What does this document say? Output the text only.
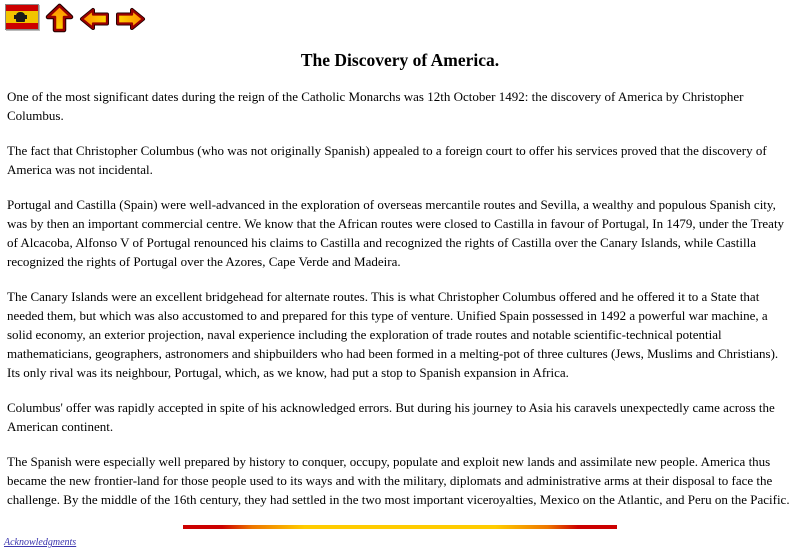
The Discovery of America.

One of the most significant dates during the reign of the Catholic Monarchs was 12th October 1492: the discovery of America by Christopher Columbus.

The fact that Christopher Columbus (who was not originally Spanish) appealed to a foreign court to offer his services proved that the discovery of America was not incidental.

Portugal and Castilla (Spain) were well-advanced in the exploration of overseas mercantile routes and Sevilla, a wealthy and populous Spanish city, was by then an important commercial centre. We know that the African routes were closed to Castilla in favour of Portugal, In 1479, under the Treaty of Alcacoba, Alfonso V of Portugal renounced his claims to Castilla and recognized the rights of Castilla over the Canary Islands, while Castilla recognized the rights of Portugal over the Azores, Cape Verde and Madeira.

The Canary Islands were an excellent bridgehead for alternate routes. This is what Christopher Columbus offered and he offered it to a State that needed them, but which was also accustomed to and prepared for this type of venture. Unified Spain possessed in 1492 a powerful war machine, a solid economy, an exterior projection, naval experience including the exploration of trade routes and notable scientific-technical potential mathematicians, geographers, astronomers and shipbuilders who had been formed in a melting-pot of three cultures (Jews, Muslims and Christians). Its only rival was its neighbour, Portugal, which, as we know, had put a stop to Spanish expansion in Africa.

Columbus' offer was rapidly accepted in spite of his acknowledged errors. But during his journey to Asia his caravels unexpectedly came across the American continent.

The Spanish were especially well prepared by history to conquer, occupy, populate and exploit new lands and assimilate new people. America thus became the new frontier-land for those people used to its ways and with the military, diplomats and administrative arms at their disposal to face the challenge. By the middle of the 16th century, they had settled in the two most important viceroyalties, Mexico on the Atlantic, and Peru on the Pacific.

Acknowledgments
